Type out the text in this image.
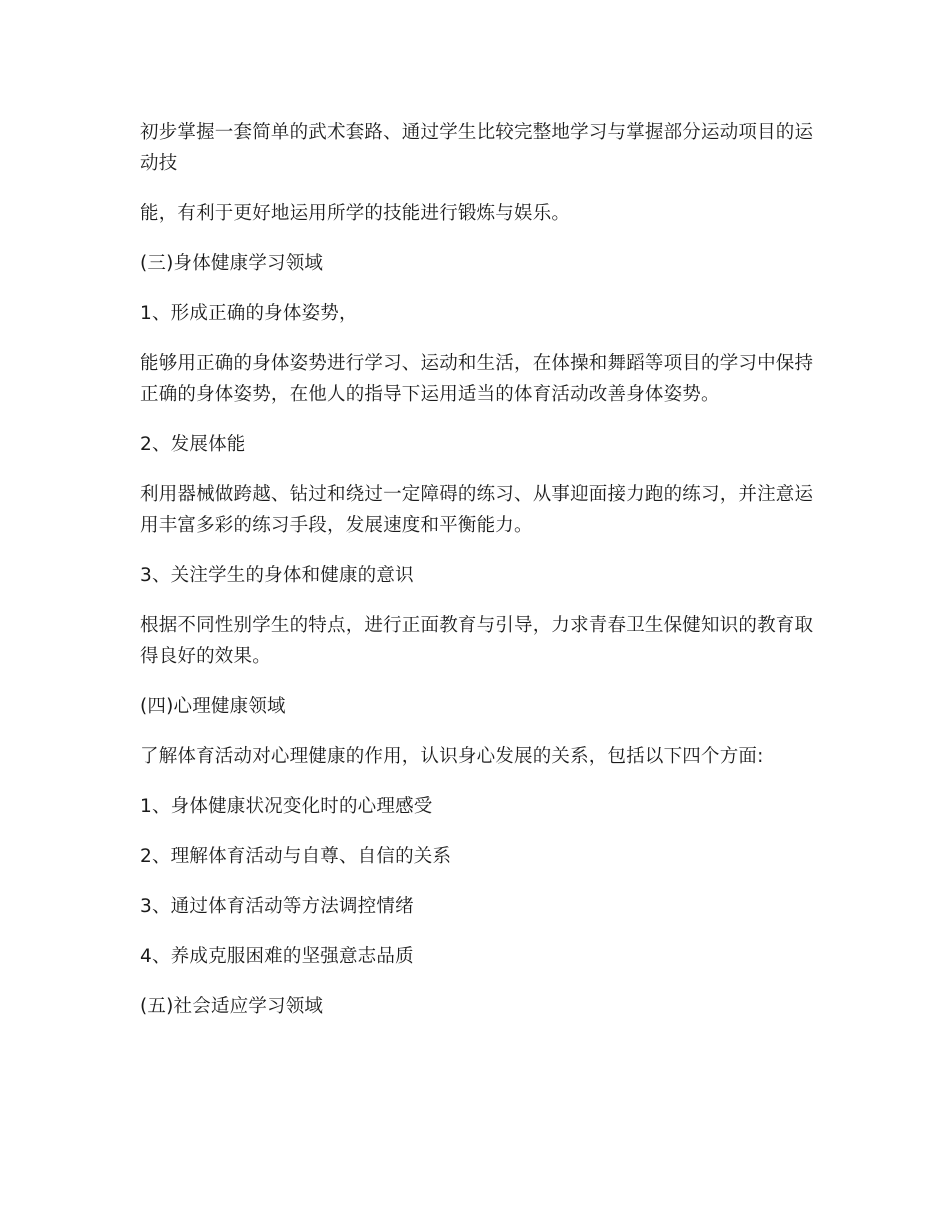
初步掌握一套简单的武术套路、通过学生比较完整地学习与掌握部分运动项目的运动技

能，有利于更好地运用所学的技能进行锻炼与娱乐。

(三)身体健康学习领域

1、形成正确的身体姿势，

能够用正确的身体姿势进行学习、运动和生活，在体操和舞蹈等项目的学习中保持正确的身体姿势，在他人的指导下运用适当的体育活动改善身体姿势。

2、发展体能

利用器械做跨越、钻过和绕过一定障碍的练习、从事迎面接力跑的练习，并注意运用丰富多彩的练习手段，发展速度和平衡能力。

3、关注学生的身体和健康的意识

根据不同性别学生的特点，进行正面教育与引导，力求青春卫生保健知识的教育取得良好的效果。

(四)心理健康领域

了解体育活动对心理健康的作用，认识身心发展的关系，包括以下四个方面:

1、身体健康状况变化时的心理感受

2、理解体育活动与自尊、自信的关系

3、通过体育活动等方法调控情绪

4、养成克服困难的坚强意志品质

(五)社会适应学习领域
